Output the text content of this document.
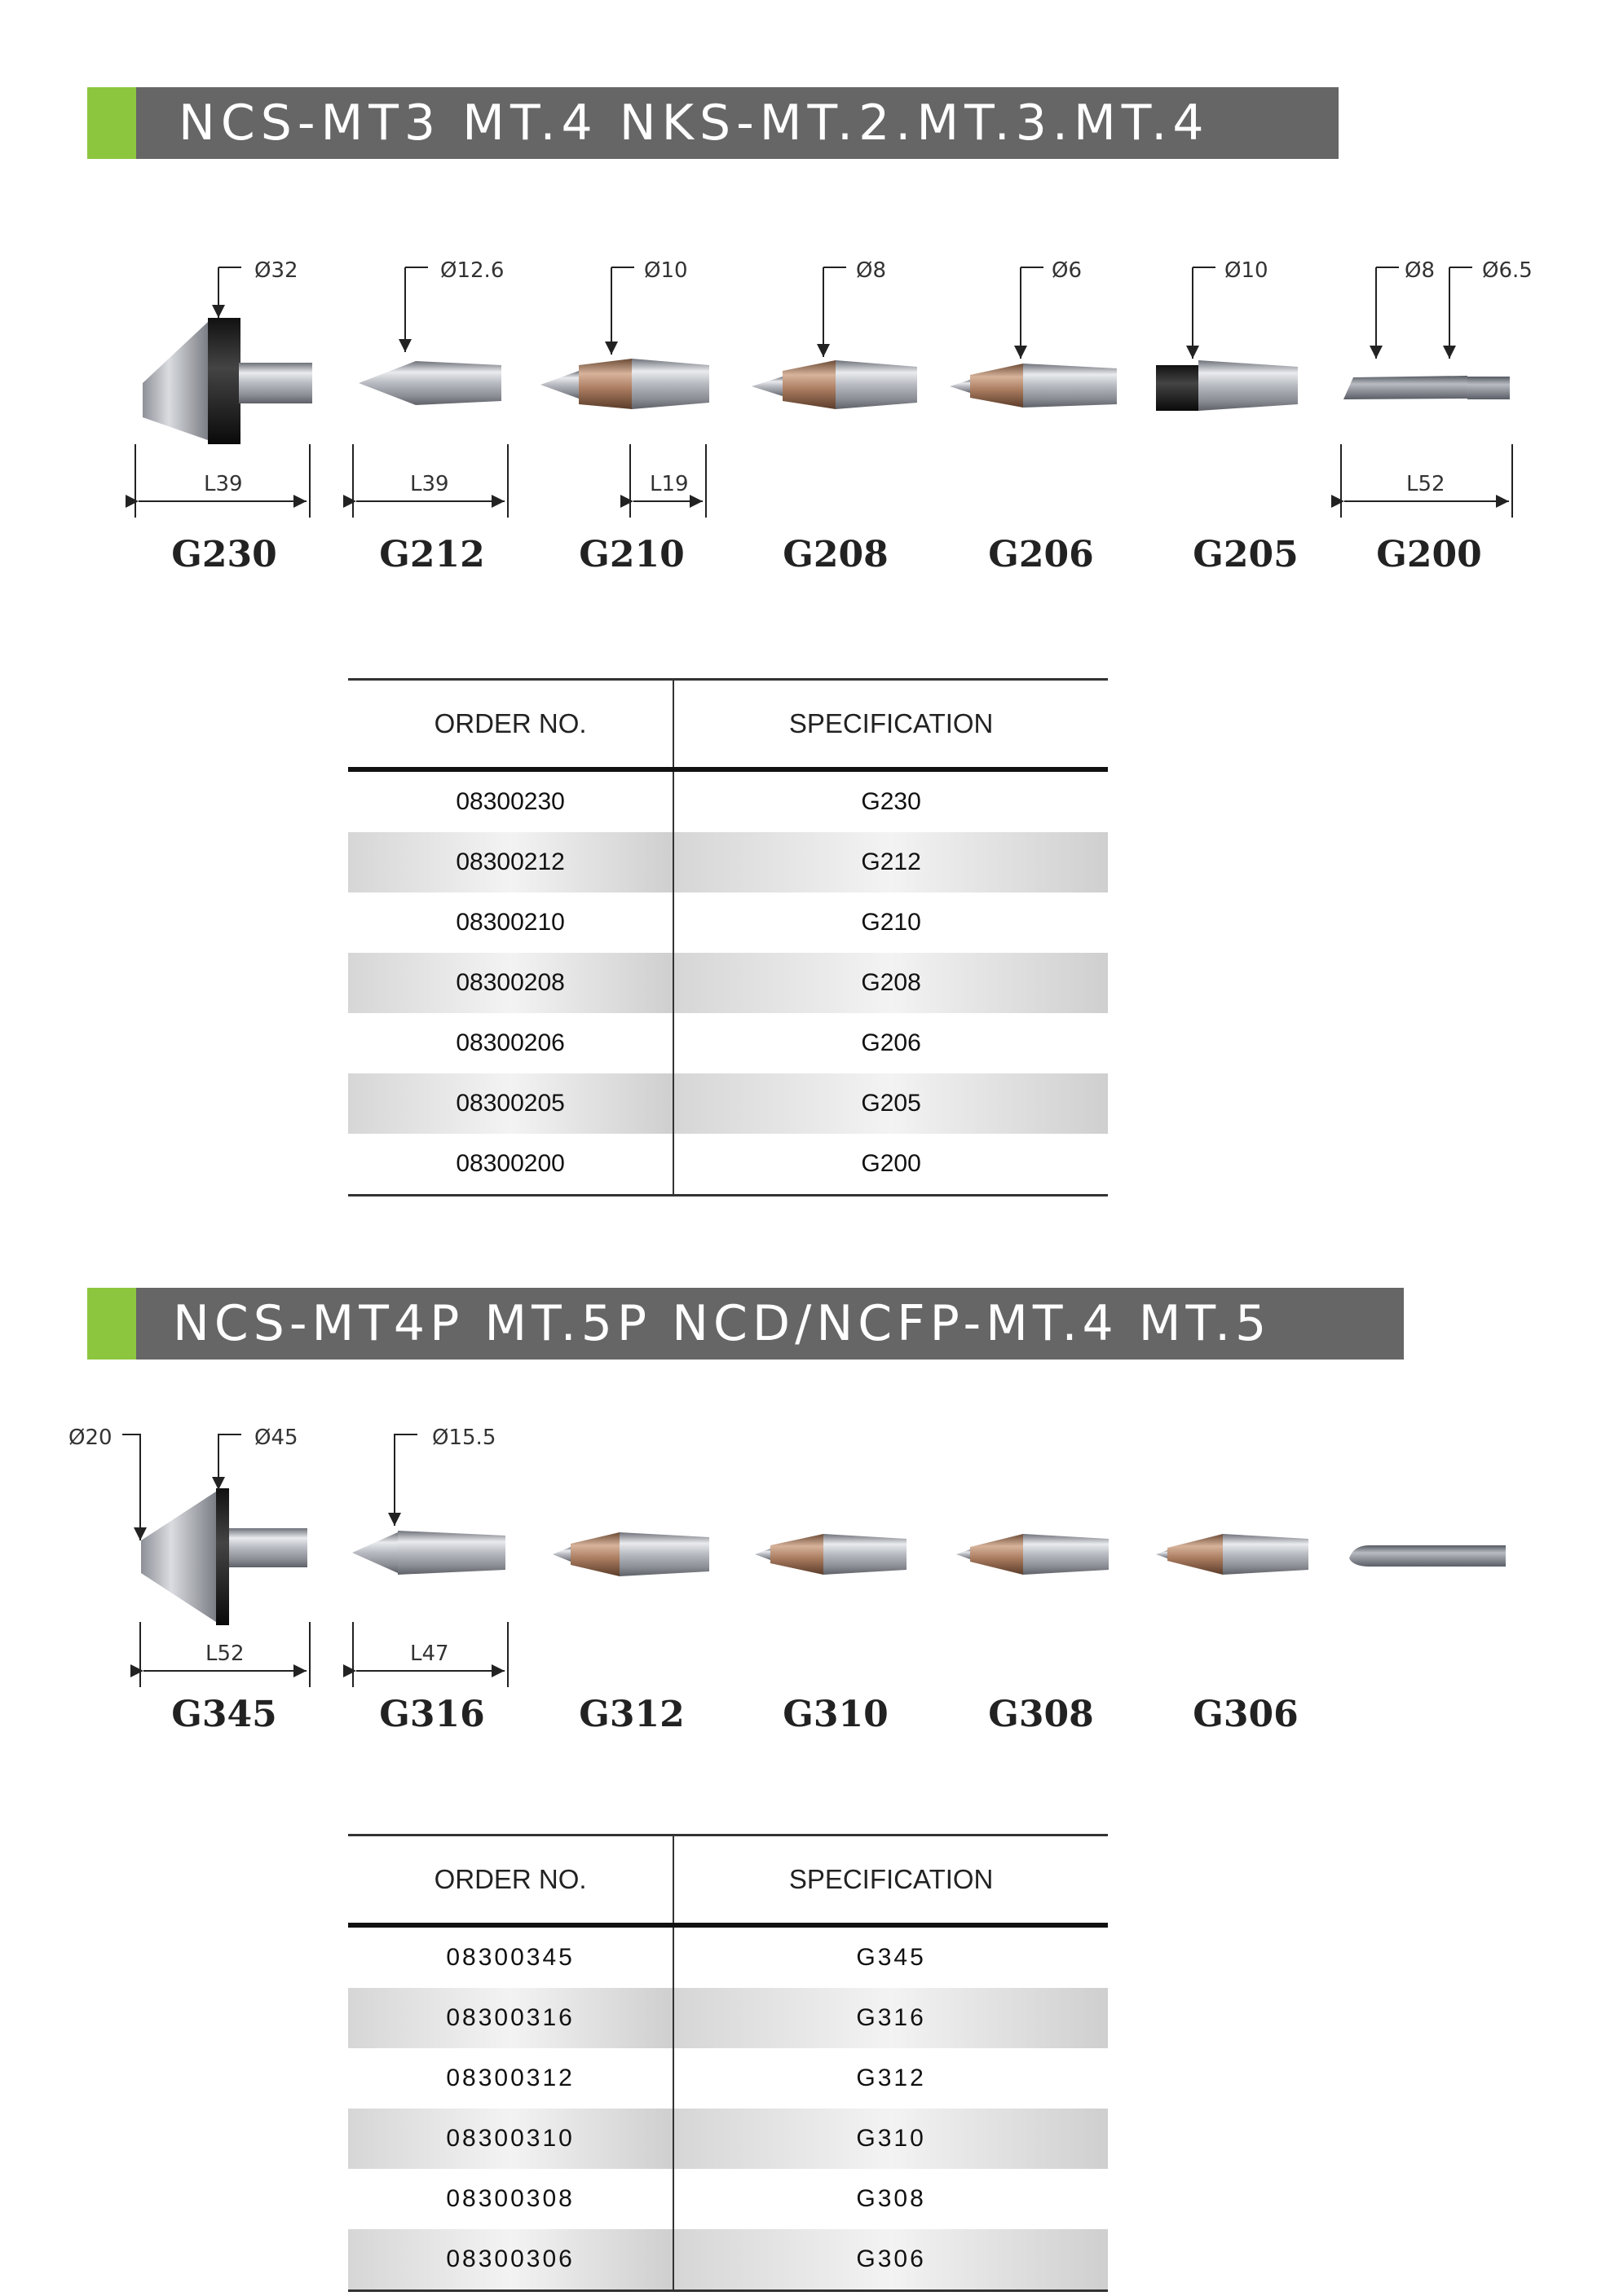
NCS-MT3 MT.4 NKS-MT.2.MT.3.MT.4
Ø32
L39
Ø12.6
L39
Ø10
L19
Ø8	Ø6	Ø10	Ø8 Ø6.5
L52
G230	G212	G210	G208	G206	G205	G200
ORDER NO.	SPECIFICATION
08300230	G230
08300212	G212
08300210	G210
08300208	G208
08300206	G206
08300205	G205
08300200	G200
NCS-MT4P MT.5P NCD/NCFP-MT.4 MT.5
Ø20	Ø45
L52
Ø15.5
L47
G345	G316	G312	G310	G308	G306
ORDER NO.	SPECIFICATION
08300345	G345
08300316	G316
08300312	G312
08300310	G310
08300308	G308
08300306	G306
